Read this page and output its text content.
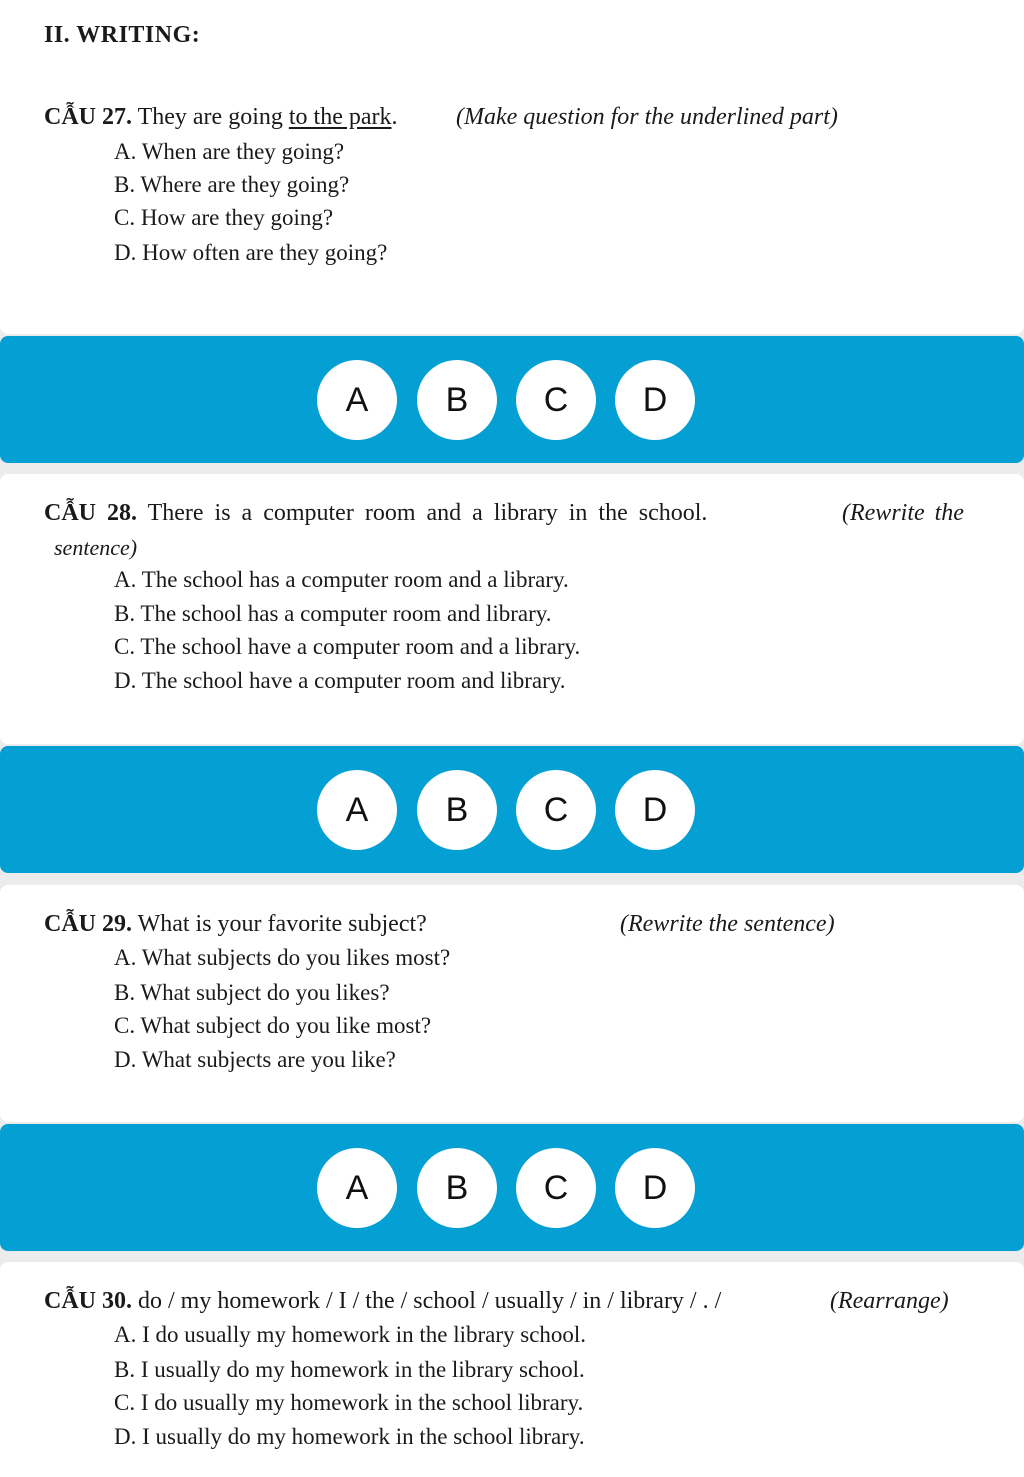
II. WRITING:
CẪU 27. They are going to the park. (Make question for the underlined part)
A. When are they going?
B. Where are they going?
C. How are they going?
D. How often are they going?
A	B	C	D
CẪU 28. There is a computer room and a library in the school.	(Rewrite the
sentence)
A. The school has a computer room and a library.
B. The school has a computer room and library.
C. The school have a computer room and a library.
D. The school have a computer room and library.
A	B	C	D
CẪU 29. What is your favorite subject?	(Rewrite the sentence)
A. What subjects do you likes most?
B. What subject do you likes?
C. What subject do you like most?
D. What subjects are you like?
A	B	C	D
CẪU 30. do / my homework / I / the / school / usually / in / library / . /	(Rearrange)
A. I do usually my homework in the library school.
B. I usually do my homework in the library school.
C. I do usually my homework in the school library.
D. I usually do my homework in the school library.
